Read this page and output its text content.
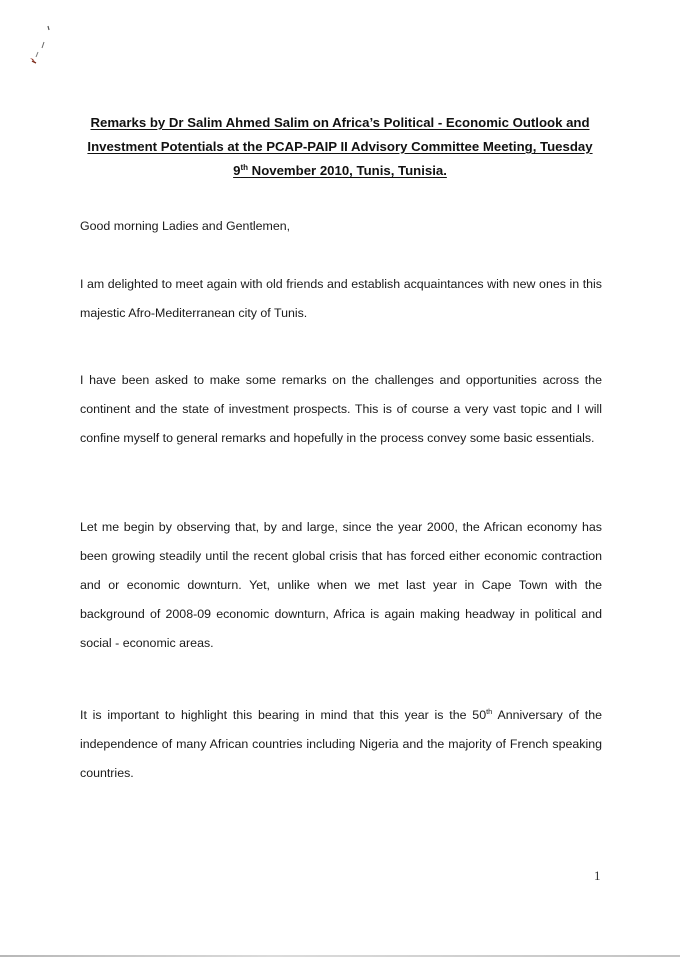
Remarks by Dr Salim Ahmed Salim on Africa’s Political - Economic Outlook and
Investment Potentials at the PCAP-PAIP II Advisory Committee Meeting, Tuesday
9th November 2010, Tunis, Tunisia.

Good morning Ladies and Gentlemen,

I am delighted to meet again with old friends and establish acquaintances with new ones in this majestic Afro-Mediterranean city of Tunis.

I have been asked to make some remarks on the challenges and opportunities across the continent and the state of investment prospects. This is of course a very vast topic and I will confine myself to general remarks and hopefully in the process convey some basic essentials.

Let me begin by observing that, by and large, since the year 2000, the African economy has been growing steadily until the recent global crisis that has forced either economic contraction and or economic downturn. Yet, unlike when we met last year in Cape Town with the background of 2008-09 economic downturn, Africa is again making headway in political and social - economic areas.

It is important to highlight this bearing in mind that this year is the 50th Anniversary of the independence of many African countries including Nigeria and the majority of French speaking countries.

1
